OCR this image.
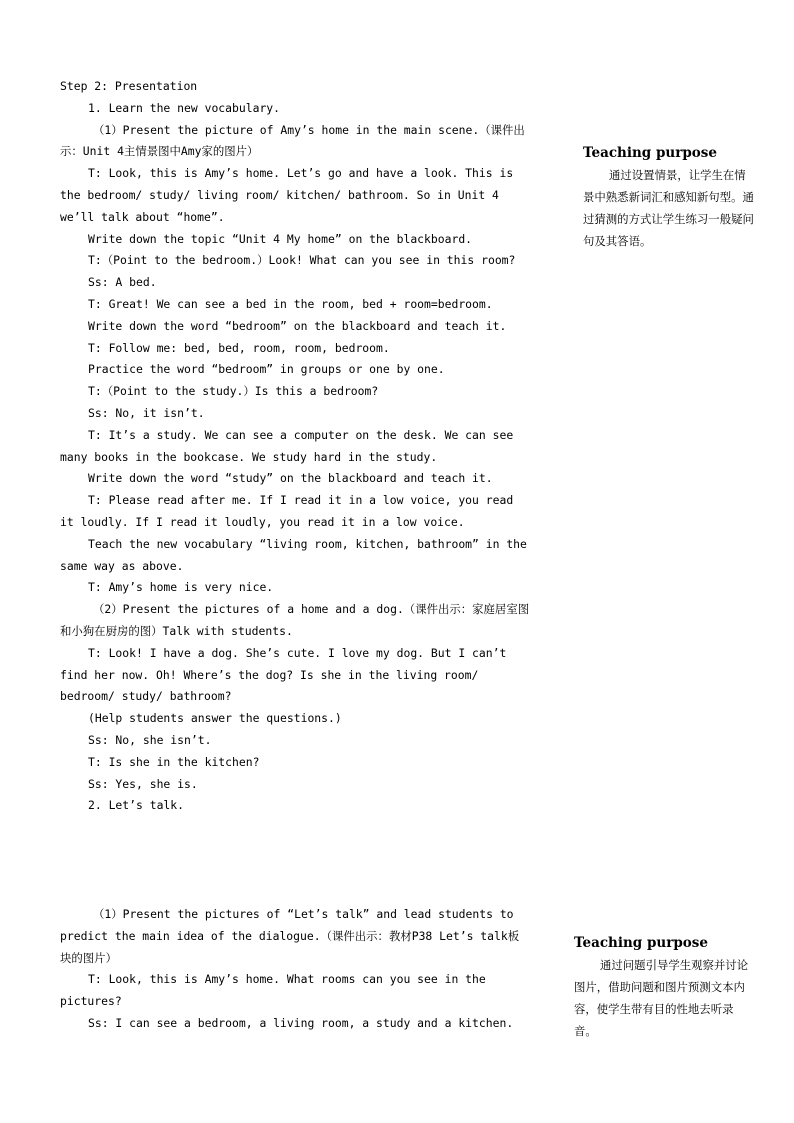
Step 2: Presentation

1. Learn the new vocabulary.

（1）Present the picture of Amy’s home in the main scene.（课件出示：Unit 4主情景图中Amy家的图片）

T: Look, this is Amy’s home. Let’s go and have a look. This is the bedroom/ study/ living room/ kitchen/ bathroom. So in Unit 4 we’ll talk about “home”.

Write down the topic “Unit 4 My home” on the blackboard.

T:（Point to the bedroom.）Look! What can you see in this room?

Ss: A bed.

T: Great! We can see a bed in the room, bed + room=bedroom.

Write down the word “bedroom” on the blackboard and teach it.

T: Follow me: bed, bed, room, room, bedroom.

Practice the word “bedroom” in groups or one by one.

T:（Point to the study.）Is this a bedroom?

Ss: No, it isn’t.

T: It’s a study. We can see a computer on the desk. We can see many books in the bookcase. We study hard in the study.

Write down the word “study” on the blackboard and teach it.

T: Please read after me. If I read it in a low voice, you read it loudly. If I read it loudly, you read it in a low voice.

Teach the new vocabulary “living room, kitchen, bathroom” in the same way as above.

T: Amy’s home is very nice.

（2）Present the pictures of a home and a dog.（课件出示：家庭居室图和小狗在厨房的图）Talk with students.

T: Look! I have a dog. She’s cute. I love my dog. But I can’t find her now. Oh! Where’s the dog? Is she in the living room/ bedroom/ study/ bathroom?

(Help students answer the questions.)

Ss: No, she isn’t.

T: Is she in the kitchen?

Ss: Yes, she is.

2. Let’s talk.

（1）Present the pictures of “Let’s talk” and lead students to predict the main idea of the dialogue.（课件出示：教材P38 Let’s talk板块的图片）

T: Look, this is Amy’s home. What rooms can you see in the pictures?

Ss: I can see a bedroom, a living room, a study and a kitchen.

Teaching purpose

通过设置情景，让学生在情景中熟悉新词汇和感知新句型。通过猜测的方式让学生练习一般疑问句及其答语。

Teaching purpose

通过问题引导学生观察并讨论图片，借助问题和图片预测文本内容，使学生带有目的性地去听录音。
